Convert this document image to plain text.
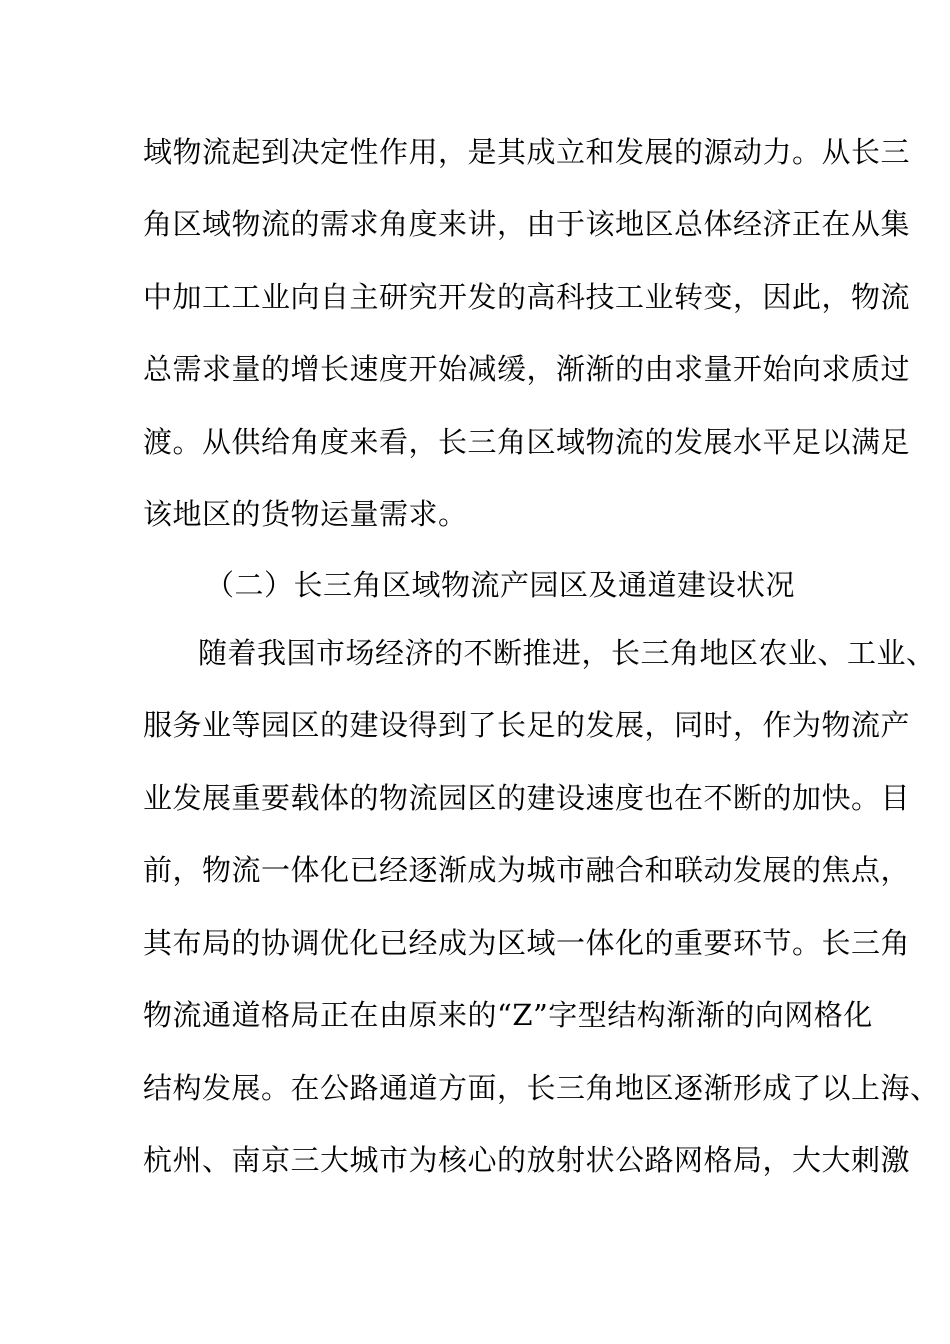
域物流起到决定性作用，是其成立和发展的源动力。从长三
角区域物流的需求角度来讲，由于该地区总体经济正在从集
中加工工业向自主研究开发的高科技工业转变，因此，物流
总需求量的增长速度开始减缓，渐渐的由求量开始向求质过
渡。从供给角度来看，长三角区域物流的发展水平足以满足
该地区的货物运量需求。
（二）长三角区域物流产园区及通道建设状况
随着我国市场经济的不断推进，长三角地区农业、工业、
服务业等园区的建设得到了长足的发展，同时，作为物流产
业发展重要载体的物流园区的建设速度也在不断的加快。目
前，物流一体化已经逐渐成为城市融合和联动发展的焦点，
其布局的协调优化已经成为区域一体化的重要环节。长三角
物流通道格局正在由原来的“Z”字型结构渐渐的向网格化
结构发展。在公路通道方面，长三角地区逐渐形成了以上海、
杭州、南京三大城市为核心的放射状公路网格局，大大刺激
